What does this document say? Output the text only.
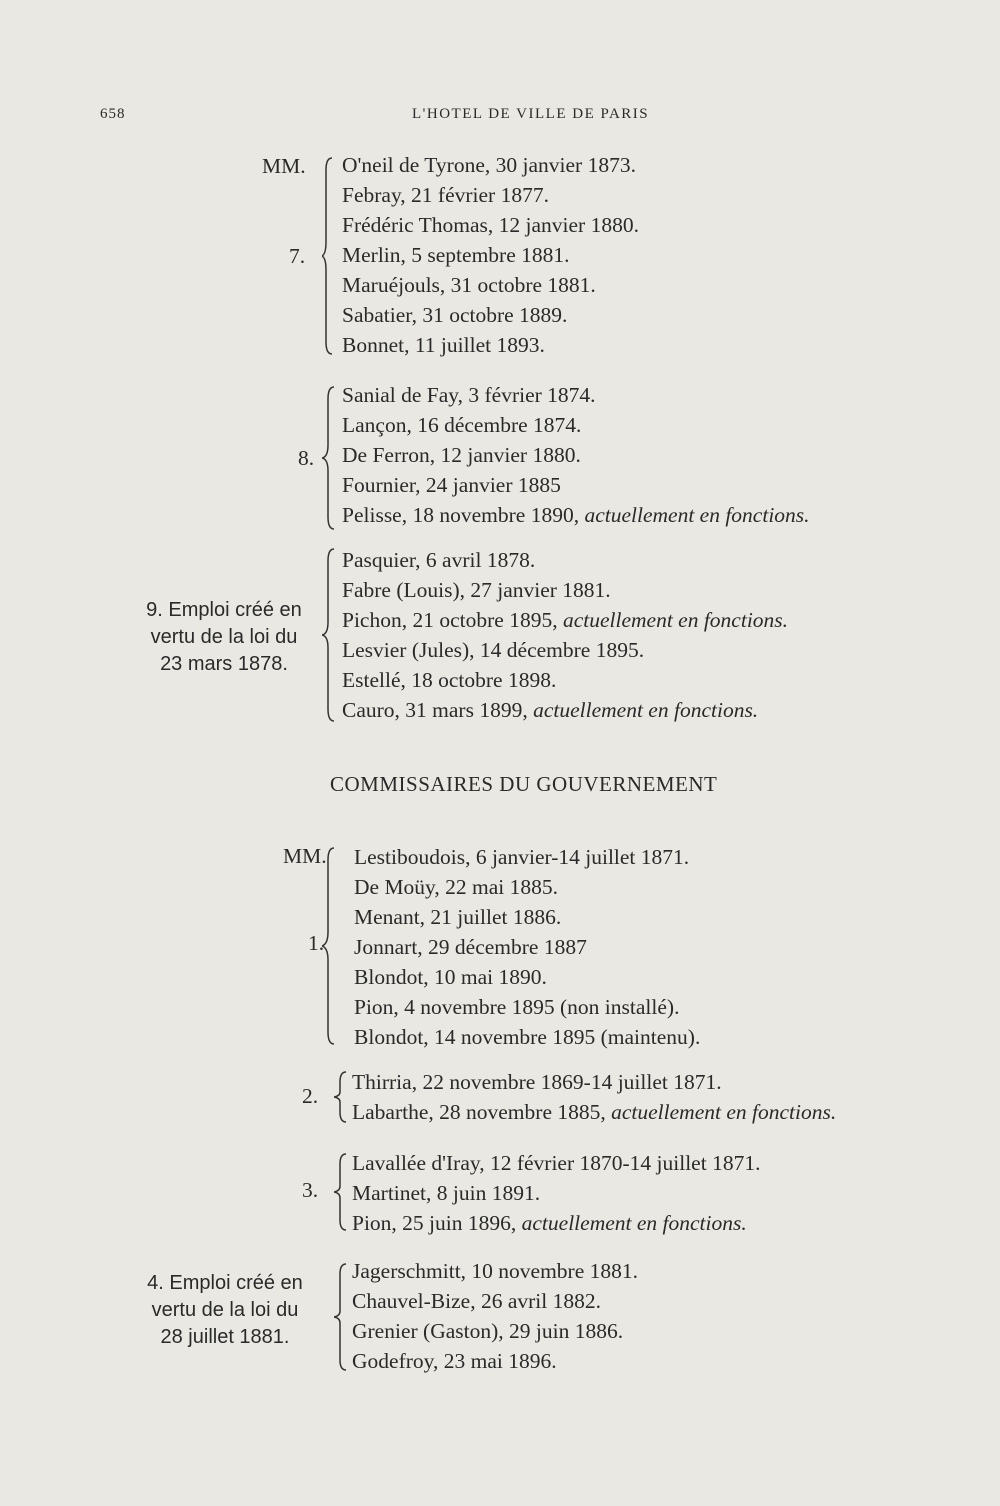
658	L'HOTEL DE VILLE DE PARIS
MM.
7.
O'neil de Tyrone, 30 janvier 1873.
Febray, 21 février 1877.
Frédéric Thomas, 12 janvier 1880.
Merlin, 5 septembre 1881.
Maruéjouls, 31 octobre 1881.
Sabatier, 31 octobre 1889.
Bonnet, 11 juillet 1893.
8.
Sanial de Fay, 3 février 1874.
Lançon, 16 décembre 1874.
De Ferron, 12 janvier 1880.
Fournier, 24 janvier 1885
Pelisse, 18 novembre 1890, actuellement en fonctions.
9. Emploi créé en
vertu de la loi du
23 mars 1878.
Pasquier, 6 avril 1878.
Fabre (Louis), 27 janvier 1881.
Pichon, 21 octobre 1895, actuellement en fonctions.
Lesvier (Jules), 14 décembre 1895.
Estellé, 18 octobre 1898.
Cauro, 31 mars 1899, actuellement en fonctions.
COMMISSAIRES DU GOUVERNEMENT
MM.
1.
Lestiboudois, 6 janvier-14 juillet 1871.
De Moüy, 22 mai 1885.
Menant, 21 juillet 1886.
Jonnart, 29 décembre 1887
Blondot, 10 mai 1890.
Pion, 4 novembre 1895 (non installé).
Blondot, 14 novembre 1895 (maintenu).
2.
Thirria, 22 novembre 1869-14 juillet 1871.
Labarthe, 28 novembre 1885, actuellement en fonctions.
3.
Lavallée d'Iray, 12 février 1870-14 juillet 1871.
Martinet, 8 juin 1891.
Pion, 25 juin 1896, actuellement en fonctions.
4. Emploi créé en
vertu de la loi du
28 juillet 1881.
Jagerschmitt, 10 novembre 1881.
Chauvel-Bize, 26 avril 1882.
Grenier (Gaston), 29 juin 1886.
Godefroy, 23 mai 1896.
